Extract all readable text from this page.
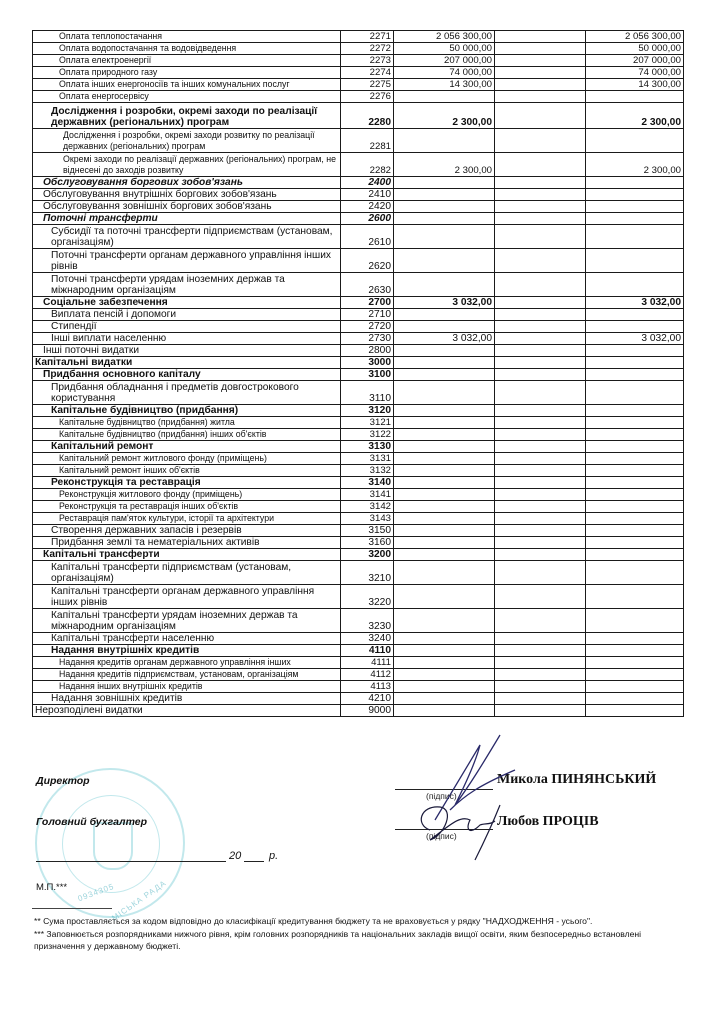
Оплата теплопостачання	2271	2 056 300,00		2 056 300,00
Оплата водопостачання та водовідведення	2272	50 000,00		50 000,00
Оплата електроенергії	2273	207 000,00		207 000,00
Оплата природного газу	2274	74 000,00		74 000,00
Оплата інших енергоносіїв та інших комунальних послуг	2275	14 300,00		14 300,00
Оплата енергосервісу	2276			
Дослідження і розробки, окремі заходи по реалізації державних (регіональних) програм	2280	2 300,00		2 300,00
Дослідження і розробки, окремі заходи розвитку по реалізації державних (регіональних) програм	2281			
Окремі заходи по реалізації державних (регіональних) програм, не віднесені до заходів розвитку	2282	2 300,00		2 300,00
Обслуговування боргових зобов'язань	2400			
Обслуговування внутрішніх боргових зобов'язань	2410			
Обслуговування зовнішніх боргових зобов'язань	2420			
Поточні трансферти	2600			
Субсидії та поточні трансферти підприємствам (установам, організаціям)	2610			
Поточні трансферти органам державного управління інших рівнів	2620			
Поточні трансферти урядам іноземних держав та міжнародним організаціям	2630			
Соціальне забезпечення	2700	3 032,00		3 032,00
Виплата пенсій і допомоги	2710			
Стипендії	2720			
Інші виплати населенню	2730	3 032,00		3 032,00
Інші поточні видатки	2800			
Капітальні видатки	3000			
Придбання основного капіталу	3100			
Придбання обладнання і предметів довгострокового користування	3110			
Капітальне будівництво (придбання)	3120			
Капітальне будівництво (придбання) житла	3121			
Капітальне будівництво (придбання) інших об'єктів	3122			
Капітальний ремонт	3130			
Капітальний ремонт житлового фонду (приміщень)	3131			
Капітальний ремонт інших об'єктів	3132			
Реконструкція та реставрація	3140			
Реконструкція житлового фонду (приміщень)	3141			
Реконструкція та реставрація інших об'єктів	3142			
Реставрація пам'яток культури, історії та архітектури	3143			
Створення державних запасів і резервів	3150			
Придбання землі та нематеріальних активів	3160			
Капітальні трансферти	3200			
Капітальні трансферти підприємствам (установам, організаціям)	3210			
Капітальні трансферти органам державного управління інших рівнів	3220			
Капітальні трансферти урядам іноземних держав та міжнародним організаціям	3230			
Капітальні трансферти населенню	3240			
Надання внутрішніх кредитів	4110			
Надання кредитів органам державного управління інших	4111			
Надання кредитів підприємствам, установам, організаціям	4112			
Надання інших внутрішніх кредитів	4113			
Надання зовнішніх кредитів	4210			
Нерозподілені видатки	9000			
0934305
МІСЬКА РАДА
Директор
Головний бухгалтер
(підпис)
Микола ПИНЯНСЬКИЙ
(підпис)
Любов ПРОЦІВ
20	р.
М.П.***
** Сума проставляється за кодом відповідно до класифікації кредитування бюджету та не враховується у рядку "НАДХОДЖЕННЯ - усього".
*** Заповнюється розпорядниками нижчого рівня, крім головних розпорядників та національних закладів вищої освіти, яким безпосередньо встановлені призначення у державному бюджеті.
